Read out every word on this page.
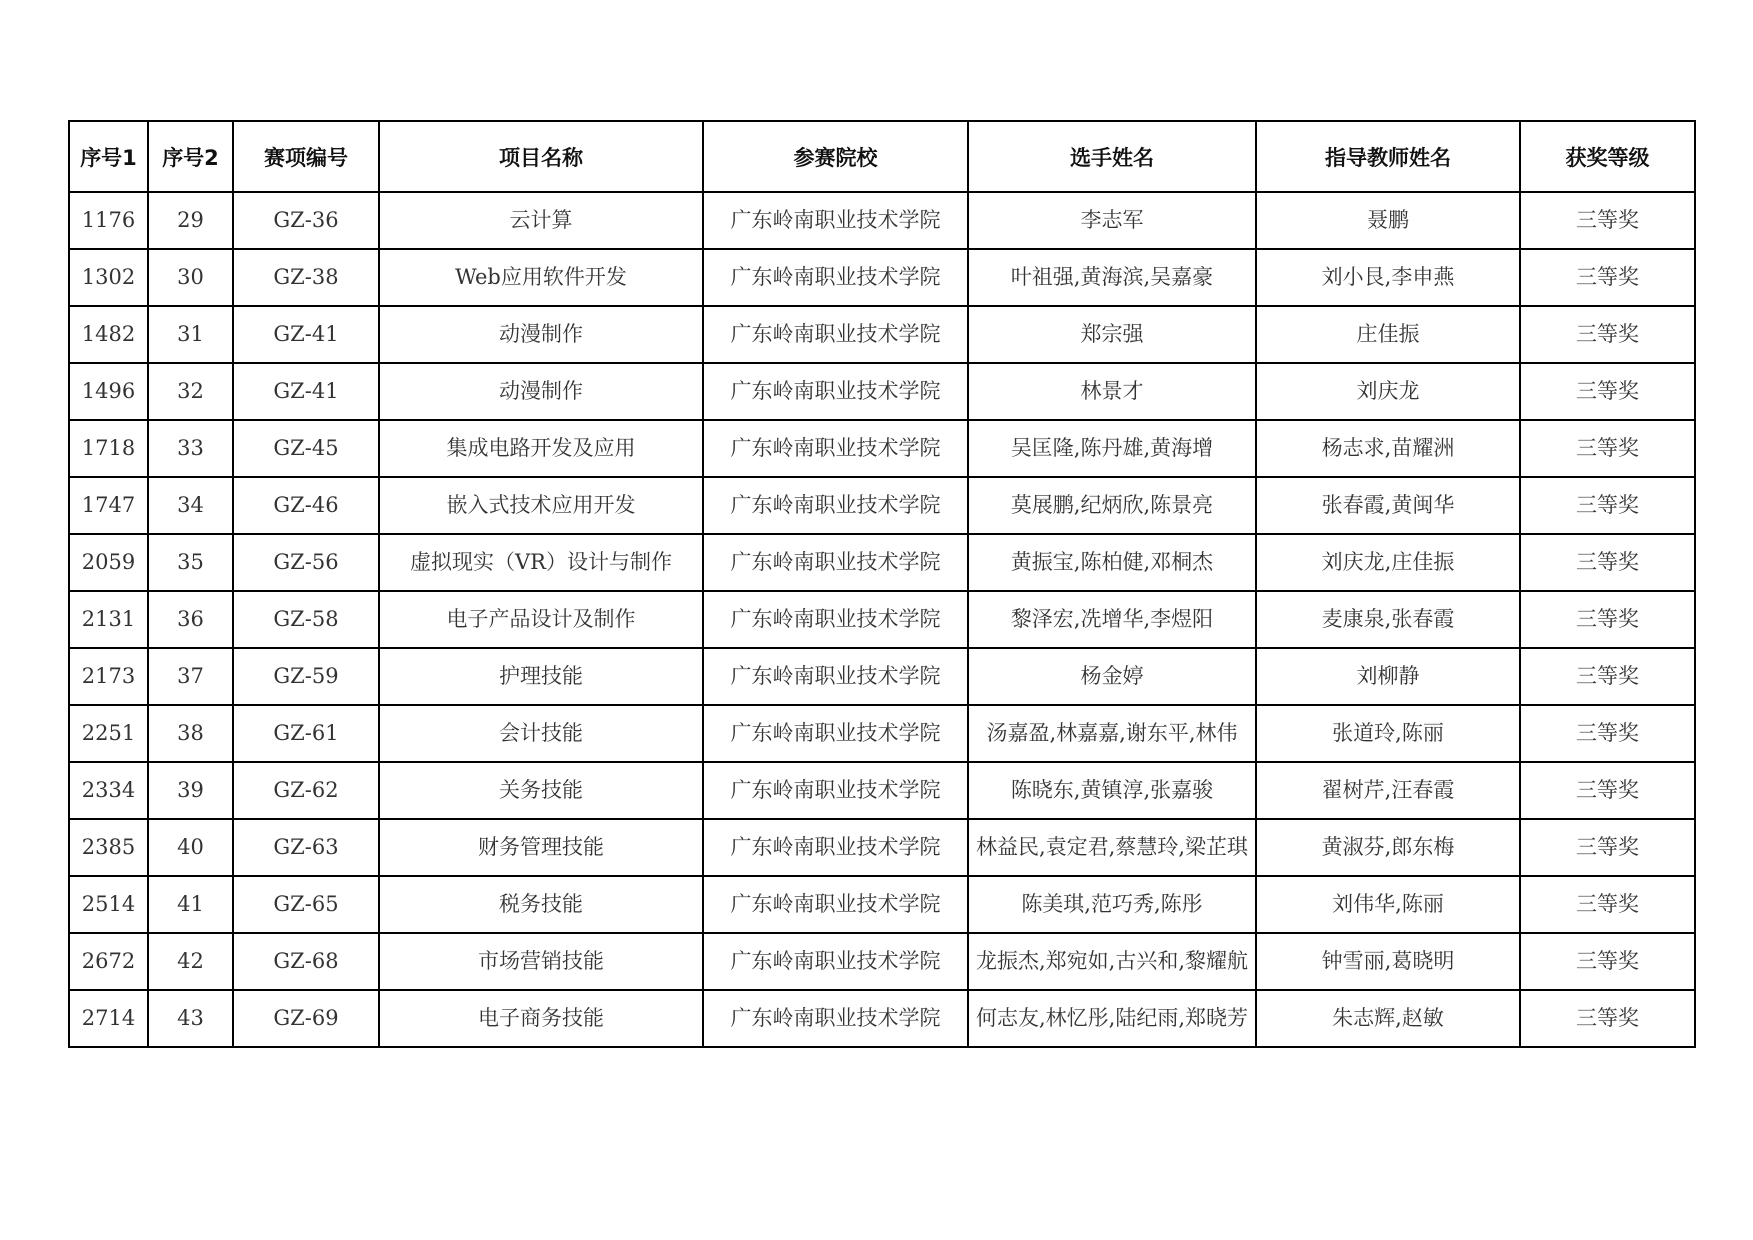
序号1	序号2	赛项编号	项目名称	参赛院校	选手姓名	指导教师姓名	获奖等级
1176	29	GZ-36	云计算	广东岭南职业技术学院	李志军	聂鹏	三等奖
1302	30	GZ-38	Web应用软件开发	广东岭南职业技术学院	叶祖强,黄海滨,吴嘉豪	刘小艮,李申燕	三等奖
1482	31	GZ-41	动漫制作	广东岭南职业技术学院	郑宗强	庄佳振	三等奖
1496	32	GZ-41	动漫制作	广东岭南职业技术学院	林景才	刘庆龙	三等奖
1718	33	GZ-45	集成电路开发及应用	广东岭南职业技术学院	吴匡隆,陈丹雄,黄海增	杨志求,苗耀洲	三等奖
1747	34	GZ-46	嵌入式技术应用开发	广东岭南职业技术学院	莫展鹏,纪炳欣,陈景亮	张春霞,黄闽华	三等奖
2059	35	GZ-56	虚拟现实（VR）设计与制作	广东岭南职业技术学院	黄振宝,陈柏健,邓桐杰	刘庆龙,庄佳振	三等奖
2131	36	GZ-58	电子产品设计及制作	广东岭南职业技术学院	黎泽宏,冼增华,李煜阳	麦康泉,张春霞	三等奖
2173	37	GZ-59	护理技能	广东岭南职业技术学院	杨金婷	刘柳静	三等奖
2251	38	GZ-61	会计技能	广东岭南职业技术学院	汤嘉盈,林嘉嘉,谢东平,林伟	张道玲,陈丽	三等奖
2334	39	GZ-62	关务技能	广东岭南职业技术学院	陈晓东,黄镇淳,张嘉骏	翟树芹,汪春霞	三等奖
2385	40	GZ-63	财务管理技能	广东岭南职业技术学院	林益民,袁定君,蔡慧玲,梁芷琪	黄淑芬,郎东梅	三等奖
2514	41	GZ-65	税务技能	广东岭南职业技术学院	陈美琪,范巧秀,陈彤	刘伟华,陈丽	三等奖
2672	42	GZ-68	市场营销技能	广东岭南职业技术学院	龙振杰,郑宛如,古兴和,黎耀航	钟雪丽,葛晓明	三等奖
2714	43	GZ-69	电子商务技能	广东岭南职业技术学院	何志友,林忆彤,陆纪雨,郑晓芳	朱志辉,赵敏	三等奖
